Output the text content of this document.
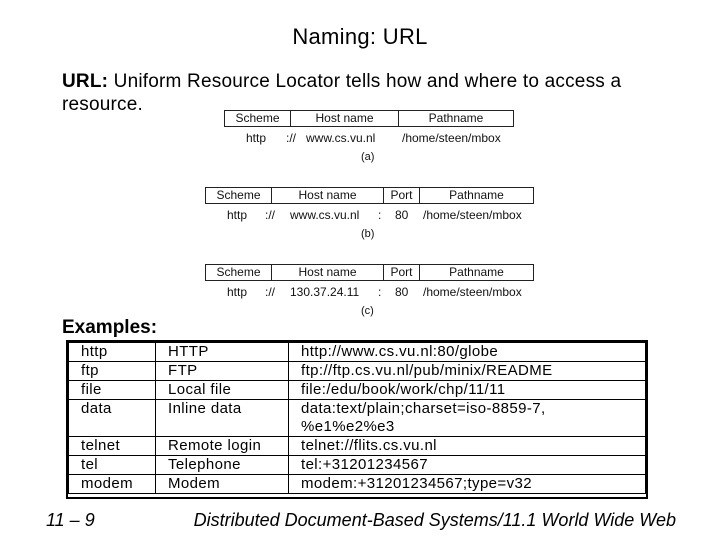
Naming: URL
URL: Uniform Resource Locator tells how and where to access a resource.
Scheme	Host name	Pathname
http :// www.cs.vu.nl /home/steen/mbox
(a)
Scheme	Host name	Port	Pathname
http :// www.cs.vu.nl : 80 /home/steen/mbox
(b)
Scheme	Host name	Port	Pathname
http :// 130.37.24.11 : 80 /home/steen/mbox
(c)
Examples:
http	HTTP	http://www.cs.vu.nl:80/globe
ftp	FTP	ftp://ftp.cs.vu.nl/pub/minix/README
file	Local file	file:/edu/book/work/chp/11/11
data	Inline data	data:text/plain;charset=iso-8859-7,
%e1%e2%e3

telnet	Remote login	telnet://flits.cs.vu.nl
tel	Telephone	tel:+31201234567
modem	Modem	modem:+31201234567;type=v32
11 – 9	Distributed Document-Based Systems/11.1 World Wide Web
